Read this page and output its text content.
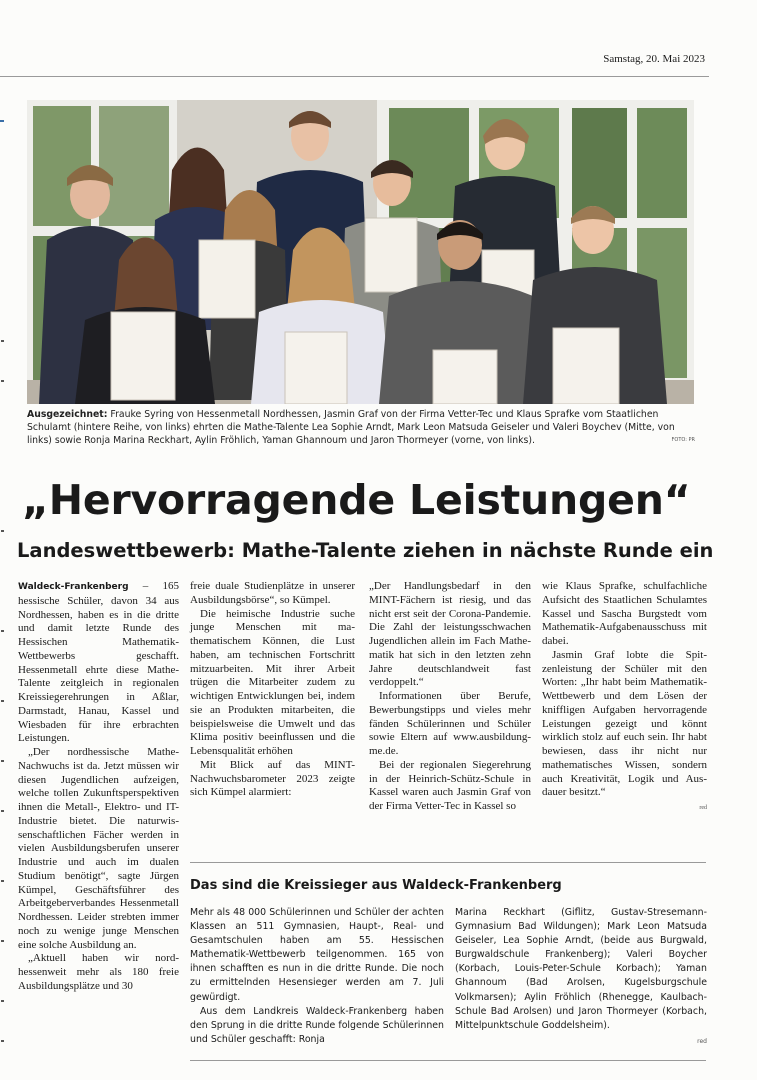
Samstag, 20. Mai 2023
Ausgezeichnet: Frauke Syring von Hessenmetall Nordhessen, Jasmin Graf von der Firma Vetter-Tec und Klaus Sprafke vom Staatlichen Schulamt (hintere Reihe, von links) ehrten die Mathe-Talente Lea Sophie Arndt, Mark Leon Matsuda Geiseler und Valeri Boychev (Mitte, von links) sowie Ronja Marina Reckhart, Aylin Fröhlich, Yaman Ghannoum und Jaron Thormeyer (vorne, von links).	FOTO: PR
„Hervorragende Leistungen“
Landeswettbewerb: Mathe-Talente ziehen in nächste Runde ein

Waldeck-Frankenberg – 165 hessische Schüler, davon 34 aus Nordhessen, haben es in die dritte und damit letzte Runde des Hessischen Mathematik-Wettbewerbs geschafft. Hessenmetall ehrte diese Mathe-Talente zeitgleich in regionalen Kreissiegerehrungen in Aßlar, Darmstadt, Hanau, Kassel und Wiesbaden für ihre erbrachten Leistungen.

„Der nordhessische Mathe-Nachwuchs ist da. Jetzt müssen wir diesen Jugendlichen aufzeigen, welche tollen Zukunftsperspektiven ihnen die Metall-, Elektro- und IT-Industrie bietet. Die naturwissenschaftlichen Fächer werden in vielen Ausbildungsberufen unserer Industrie und auch im dualen Studium benötigt“, sagte Jürgen Kümpel, Geschäftsführer des Arbeitgeberverbandes Hessenmetall Nordhessen. Leider strebten immer noch zu wenige junge Menschen eine solche Ausbildung an.

„Aktuell haben wir nordhessenweit mehr als 180 freie Ausbildungsplätze und 30

freie duale Studienplätze in unserer Ausbildungsbörse“, so Kümpel.

Die heimische Industrie suche junge Menschen mit mathematischem Können, die Lust haben, am technischen Fortschritt mitzuarbeiten. Mit ihrer Arbeit trügen die Mitarbeiter zudem zu wichtigen Entwicklungen bei, indem sie an Produkten mitarbeiten, die beispielsweise die Umwelt und das Klima positiv beeinflussen und die Lebensqualität erhöhen

Mit Blick auf das MINT-Nachwuchsbarometer 2023 zeigte sich Kümpel alarmiert:

„Der Handlungsbedarf in den MINT-Fächern ist riesig, und das nicht erst seit der Corona-Pandemie. Die Zahl der leistungsschwachen Jugendlichen allein im Fach Mathematik hat sich in den letzten zehn Jahre deutschlandweit fast verdoppelt.“

Informationen über Berufe, Bewerbungstipps und vieles mehr fänden Schülerinnen und Schüler sowie Eltern auf www.ausbildung-me.de.

Bei der regionalen Siegerehrung in der Heinrich-Schütz-Schule in Kassel waren auch Jasmin Graf von der Firma Vetter-Tec in Kassel so

wie Klaus Sprafke, schulfachliche Aufsicht des Staatlichen Schulamtes Kassel und Sascha Burgstedt vom Mathematik-Aufgabenausschuss mit dabei.

Jasmin Graf lobte die Spitzenleistung der Schüler mit den Worten: „Ihr habt beim Mathematik-Wettbewerb und dem Lösen der kniffligen Aufgaben hervorragende Leistungen gezeigt und könnt wirklich stolz auf euch sein. Ihr habt bewiesen, dass ihr nicht nur mathematisches Wissen, sondern auch Kreativität, Logik und Ausdauer besitzt.“

red
Das sind die Kreissieger aus Waldeck-Frankenberg

Mehr als 48 000 Schülerinnen und Schüler der achten Klassen an 511 Gymnasien, Haupt-, Real- und Gesamtschulen haben am 55. Hessischen Mathematik-Wettbewerb teilgenommen. 165 von ihnen schafften es nun in die dritte Runde. Die noch zu ermittelnden Hesensieger werden am 7. Juli gewürdigt.

Aus dem Landkreis Waldeck-Frankenberg haben den Sprung in die dritte Runde folgende Schülerinnen und Schüler geschafft: Ronja

Marina Reckhart (Giflitz, Gustav-Stresemann-Gymnasium Bad Wildungen); Mark Leon Matsuda Geiseler, Lea Sophie Arndt, (beide aus Burgwald, Burgwaldschule Frankenberg); Valeri Boycher (Korbach, Louis-Peter-Schule Korbach); Yaman Ghannoum (Bad Arolsen, Kugelsburgschule Volkmarsen); Aylin Fröhlich (Rhenegge, Kaulbach-Schule Bad Arolsen) und Jaron Thormeyer (Korbach, Mittelpunktschule Goddelsheim).

red
